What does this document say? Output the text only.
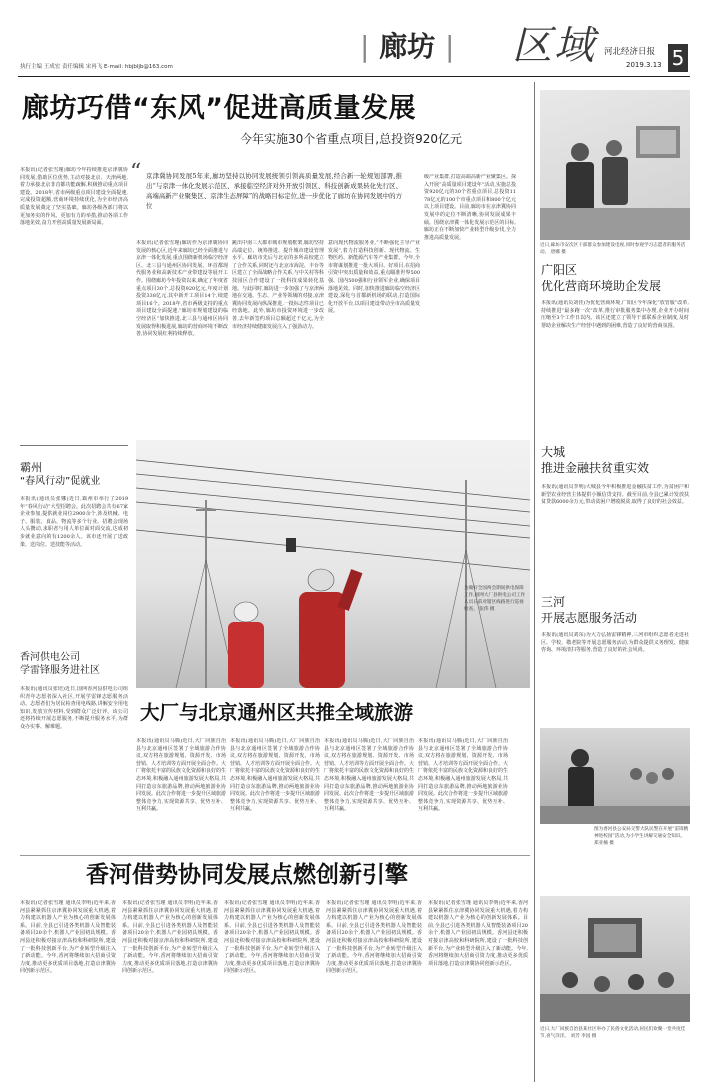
执行主编 王成宏 责任编辑 宋再飞 E-mail: hbjbljb@163.com
| 廊坊 | 区域 河北经济日报
2019.3.13 5
廊坊巧借“东风”促进高质量发展
今年实施30个省重点项目,总投资920亿元
本报讯(记者张雪瑾)廊坊今年持续推进京津冀协同发展,借助区位优势,主动对接北京、天津两地,着力承接北京非首都功能疏解,积极推动重点项目建设。2018年,省市两级重点项目建设全面提速,完成投资超额,营商环境持续优化,为全市经济高质量发展奠定了坚实基础。廊坊各级各部门将以更加务实的作风、更加有力的举措,推动各项工作落地见效,奋力开创高质量发展新局面。
“ 京津冀协同发展5年来,廊坊坚持以协同发展统领引领高质量发展,经合新一轮规划部署,推出“与京津一体化发展示范区、承接临空经济对外开放引领区、科技创新成果转化先行区、高端高新产业聚集区、京津生态屏障”的战略目标定位,进一步优化了廊坊在协同发展中的方位
本报讯(记者张雪瑾)廊坊作为京津冀协同发展的核心区,近年来廊坊已经全面推进与京津一体化发展,重点围绕新机场临空经济区、北三县与通州区协同发展、环首都现代服务业和高新技术产业带建设等展开工作。围绕廊坊今年投资以来,确定了年度省重点项目30个,总投资920亿元,年度计划投资338亿元,其中新开工项目14个,续建项目16个。2018年,省市两级支持的重点项目建设全面提速,“廊坊市规划建设的临空经济区”加快推进,北三县与通州区协同发展取得积极进展,廊坊的营商环境不断改善,协同发展红利持续释放。
跳出中南三大都市城市规划框架,廊坊坚持高端定位、统筹推进、提升城市建设管理水平。廊坊市先后与北京的多所高校建立了合作关系,同时还与北京市海淀、丰台等区建立了全面战略合作关系,与中关村等科技园区合作建设了一批科技成果转化基地。与此同时,廊坊进一步加强了与京津两地在交通、生态、产业等领域的对接,京津冀协同发展向纵深推进,一批标志性项目已经落地。此外,廊坊市投资环境进一步改善,去年新签约项目总额超过千亿元,为全市经济持续健康发展注入了强劲动力。
意向现代物流服务业,“不断强化主导产业发展”,着力打造科技创新、现代物流、生物医药、新能源汽车等产业集群。今年,全市将谋划推进一批大项目、好项目,在招商引资中突出质量和效益,重点瞄准世界500强、国内500强和行业领军企业,确保项目落地见效。同时,加快推进廊坊临空经济区建设,深化与首都新机场的联动,打造国际化开放平台,以项目建设带动全市高质量发展。
级产业集群,打造高端高新产业聚集区。探入开展“高质量项目建设年”活动,实施总投资920亿元的30个省重点项目,总投资1178亿元的100个市重点项目和800个亿元以上项目建设。目前,廊坊市在京津冀协同发展中的定位不断清晰,协同发展成果丰硕。围绕京津冀一体化发展示范区的目标,廊坊正在不断加快产业转型升级步伐,全力推进高质量发展。
霸州
“春风行动”促就业
本报讯(通讯员张娜)近日,霸州市举行了2019年“春风行动”大型招聘会。此次招聘会共有67家企业参加,提供就业岗位2900余个,涉及机械、电子、服装、食品、物流等多个行业。招聘会现场人头攒动,求职者与用人单位面对面交流,达成初步就业意向的有1200余人。该市还开展了送政策、送岗位、送技能等活动。
香河供电公司
学雷锋服务进社区
本报讯(通讯员张培)近日,国网香河县供电公司组织青年志愿者深入社区,开展学雷锋志愿服务活动。志愿者们为居民检查用电线路,讲解安全用电知识,发放宣传材料,受到群众广泛好评。该公司还将持续开展志愿服务,不断提升服务水平,为群众办实事、解难题。
为做好全国两会期间供电保障工作,国网大厂县供电公司工作人员日前对辖区线路进行巡视检查。 张伟 摄
大厂与北京通州区共推全域旅游
本报讯(通讯员马腾)近日,大厂回族自治县与北京通州区签署了全域旅游合作协议,双方将在旅游规划、资源开发、市场营销、人才培训等方面开展全面合作。大厂将依托丰富的民族文化资源和良好的生态环境,积极融入通州旅游发展大格局,共同打造京东旅游品牌,推动两地旅游业协同发展。此次合作将进一步提升区域旅游整体竞争力,实现资源共享、优势互补、互利共赢。
本报讯(通讯员马腾)近日,大厂回族自治县与北京通州区签署了全域旅游合作协议,双方将在旅游规划、资源开发、市场营销、人才培训等方面开展全面合作。大厂将依托丰富的民族文化资源和良好的生态环境,积极融入通州旅游发展大格局,共同打造京东旅游品牌,推动两地旅游业协同发展。此次合作将进一步提升区域旅游整体竞争力,实现资源共享、优势互补、互利共赢。
本报讯(通讯员马腾)近日,大厂回族自治县与北京通州区签署了全域旅游合作协议,双方将在旅游规划、资源开发、市场营销、人才培训等方面开展全面合作。大厂将依托丰富的民族文化资源和良好的生态环境,积极融入通州旅游发展大格局,共同打造京东旅游品牌,推动两地旅游业协同发展。此次合作将进一步提升区域旅游整体竞争力,实现资源共享、优势互补、互利共赢。
本报讯(通讯员马腾)近日,大厂回族自治县与北京通州区签署了全域旅游合作协议,双方将在旅游规划、资源开发、市场营销、人才培训等方面开展全面合作。大厂将依托丰富的民族文化资源和良好的生态环境,积极融入通州旅游发展大格局,共同打造京东旅游品牌,推动两地旅游业协同发展。此次合作将进一步提升区域旅游整体竞争力,实现资源共享、优势互补、互利共赢。
香河借势协同发展点燃创新引擎
本报讯(记者张雪瑾 通讯员李明)近年来,香河县紧紧抓住京津冀协同发展重大机遇,着力构建以机器人产业为核心的创新发展体系。目前,全县已引进各类机器人及智能装备项目20余个,机器人产业园初具规模。香河县还积极对接京津高校和科研院所,建设了一批科技创新平台,为产业转型升级注入了新动能。今年,香河将继续加大招商引资力度,推动更多优质项目落地,打造京津冀协同创新示范区。
本报讯(记者张雪瑾 通讯员李明)近年来,香河县紧紧抓住京津冀协同发展重大机遇,着力构建以机器人产业为核心的创新发展体系。目前,全县已引进各类机器人及智能装备项目20余个,机器人产业园初具规模。香河县还积极对接京津高校和科研院所,建设了一批科技创新平台,为产业转型升级注入了新动能。今年,香河将继续加大招商引资力度,推动更多优质项目落地,打造京津冀协同创新示范区。
本报讯(记者张雪瑾 通讯员李明)近年来,香河县紧紧抓住京津冀协同发展重大机遇,着力构建以机器人产业为核心的创新发展体系。目前,全县已引进各类机器人及智能装备项目20余个,机器人产业园初具规模。香河县还积极对接京津高校和科研院所,建设了一批科技创新平台,为产业转型升级注入了新动能。今年,香河将继续加大招商引资力度,推动更多优质项目落地,打造京津冀协同创新示范区。
本报讯(记者张雪瑾 通讯员李明)近年来,香河县紧紧抓住京津冀协同发展重大机遇,着力构建以机器人产业为核心的创新发展体系。目前,全县已引进各类机器人及智能装备项目20余个,机器人产业园初具规模。香河县还积极对接京津高校和科研院所,建设了一批科技创新平台,为产业转型升级注入了新动能。今年,香河将继续加大招商引资力度,推动更多优质项目落地,打造京津冀协同创新示范区。
本报讯(记者张雪瑾 通讯员李明)近年来,香河县紧紧抓住京津冀协同发展重大机遇,着力构建以机器人产业为核心的创新发展体系。目前,全县已引进各类机器人及智能装备项目20余个,机器人产业园初具规模。香河县还积极对接京津高校和科研院所,建设了一批科技创新平台,为产业转型升级注入了新动能。今年,香河将继续加大招商引资力度,推动更多优质项目落地,打造京津冀协同创新示范区。
近日,廊坊市安次区干部群众参加建设电视,同时参观学习志愿者的服务活动。 唐娜 摄
广阳区
优化营商环境助企发展
本报讯(通讯员刘佳)为优化营商环境,广阳区今年深化“放管服”改革,持续推进“最多跑一次”改革,推行审批服务集中办理,企业开办时间压缩至3个工作日以内。该区还建立了领导干部联系企业制度,及时帮助企业解决生产经营中遇到的困难,营造了良好的营商氛围。
大城
推进金融扶贫重实效
本报讯(通讯员李明)大城县今年积极推进金融扶贫工作,为贫困户和新型农业经营主体提供小额信贷支持。截至目前,全县已累计发放扶贫贷款6000余万元,带动贫困户增收脱贫,取得了良好的社会效益。
三河
开展志愿服务活动
本报讯(通讯员刘东)为大力弘扬雷锋精神,三河市组织志愿者走进社区、学校、敬老院等开展志愿服务活动,为群众提供义务理发、健康咨询、环境清扫等服务,营造了良好的社会风尚。
图为香河县公安局交警大队民警在开展“雷锋精神进校园”活动,为小学生讲解交通安全知识。 郑亚楠 摄
近日,大厂回族自治县某社区举办了民俗文化活动,居民们欢聚一堂共度佳节,喜气洋洋。 刘芳 李园 摄
